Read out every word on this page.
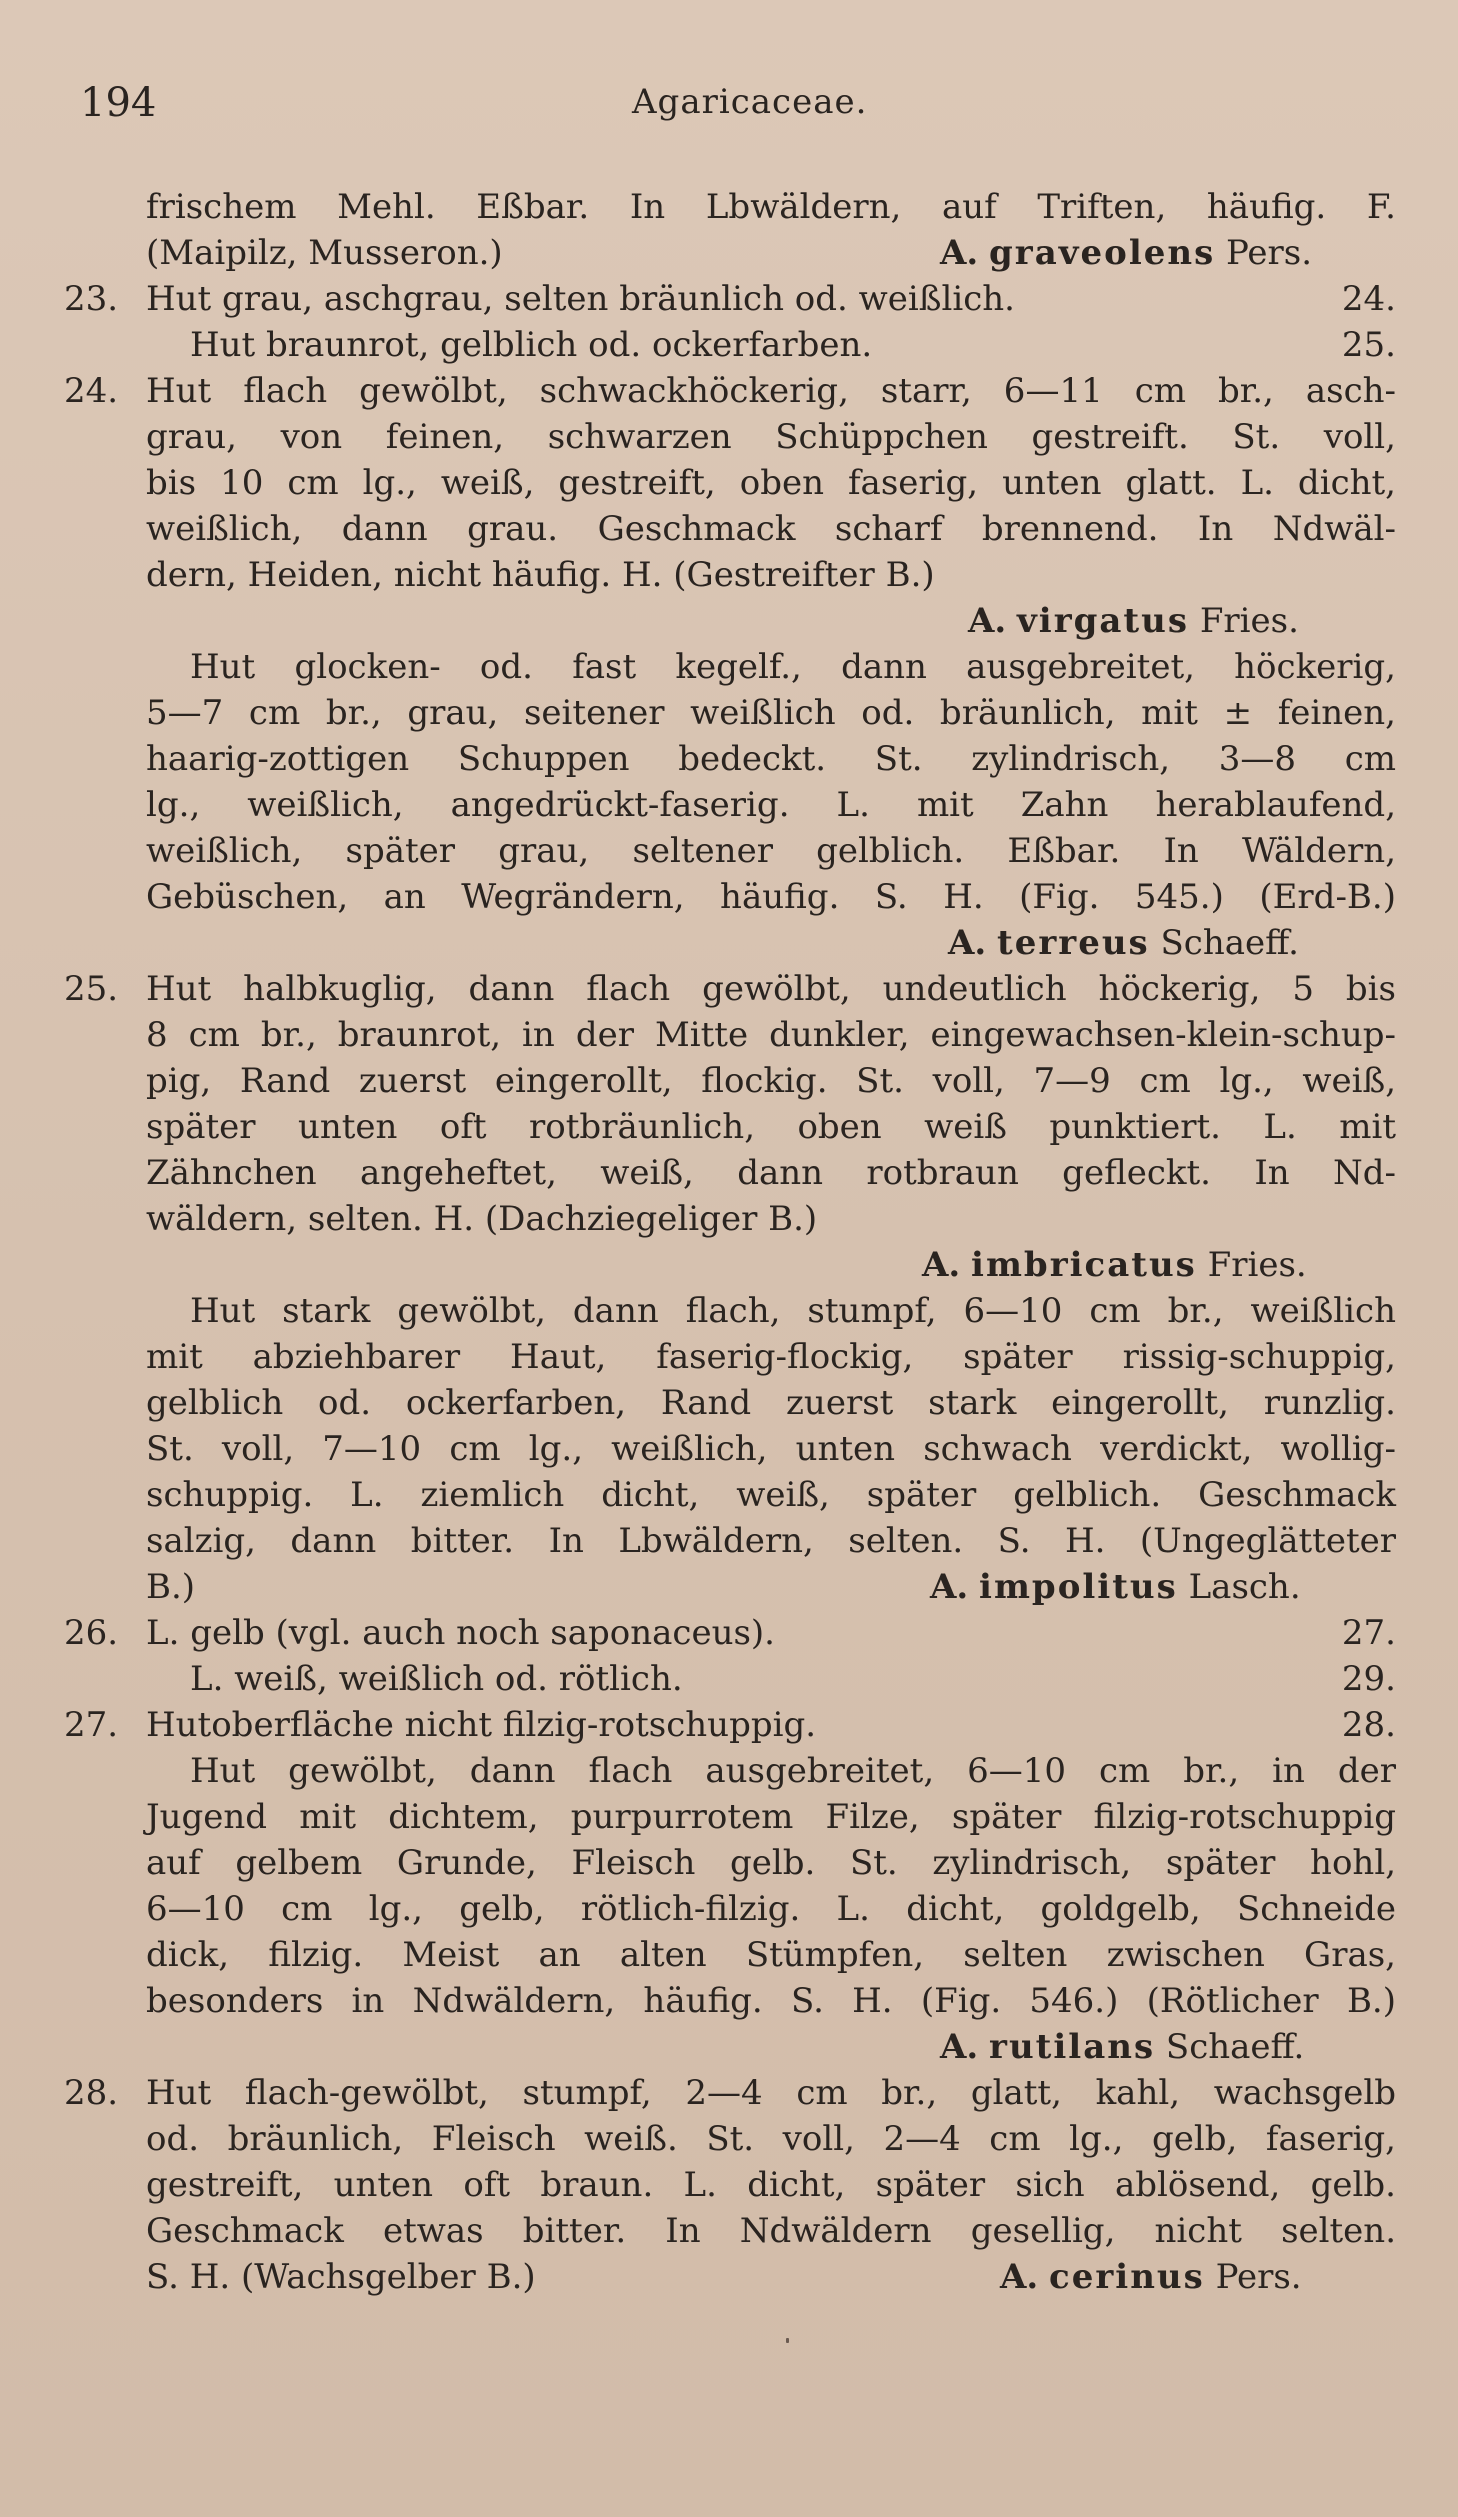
194	Agaricaceae.
frischem Mehl. Eßbar. In Lbwäldern, auf Triften, häufig. F.
(Maipilz, Musseron.)	A. graveolens Pers.
23. Hut grau, aschgrau, selten bräunlich od. weißlich.	24.
Hut braunrot, gelblich od. ockerfarben.	25.
24. Hut flach gewölbt, schwackhöckerig, starr, 6—11 cm br., asch-
grau, von feinen, schwarzen Schüppchen gestreift. St. voll,
bis 10 cm lg., weiß, gestreift, oben faserig, unten glatt. L. dicht,
weißlich, dann grau. Geschmack scharf brennend. In Ndwäl-
dern, Heiden, nicht häufig. H. (Gestreifter B.)
A. virgatus Fries.
Hut glocken- od. fast kegelf., dann ausgebreitet, höckerig,
5—7 cm br., grau, seitener weißlich od. bräunlich, mit ± feinen,
haarig-zottigen Schuppen bedeckt. St. zylindrisch, 3—8 cm
lg., weißlich, angedrückt-faserig. L. mit Zahn herablaufend,
weißlich, später grau, seltener gelblich. Eßbar. In Wäldern,
Gebüschen, an Wegrändern, häufig. S. H. (Fig. 545.) (Erd-B.)
A. terreus Schaeff.
25. Hut halbkuglig, dann flach gewölbt, undeutlich höckerig, 5 bis
8 cm br., braunrot, in der Mitte dunkler, eingewachsen-klein-schup-
pig, Rand zuerst eingerollt, flockig. St. voll, 7—9 cm lg., weiß,
später unten oft rotbräunlich, oben weiß punktiert. L. mit
Zähnchen angeheftet, weiß, dann rotbraun gefleckt. In Nd-
wäldern, selten. H. (Dachziegeliger B.)
A. imbricatus Fries.
Hut stark gewölbt, dann flach, stumpf, 6—10 cm br., weißlich
mit abziehbarer Haut, faserig-flockig, später rissig-schuppig,
gelblich od. ockerfarben, Rand zuerst stark eingerollt, runzlig.
St. voll, 7—10 cm lg., weißlich, unten schwach verdickt, wollig-
schuppig. L. ziemlich dicht, weiß, später gelblich. Geschmack
salzig, dann bitter. In Lbwäldern, selten. S. H. (Ungeglätteter
B.)	A. impolitus Lasch.
26. L. gelb (vgl. auch noch saponaceus).	27.
L. weiß, weißlich od. rötlich.	29.
27. Hutoberfläche nicht filzig-rotschuppig.	28.
Hut gewölbt, dann flach ausgebreitet, 6—10 cm br., in der
Jugend mit dichtem, purpurrotem Filze, später filzig-rotschuppig
auf gelbem Grunde, Fleisch gelb. St. zylindrisch, später hohl,
6—10 cm lg., gelb, rötlich-filzig. L. dicht, goldgelb, Schneide
dick, filzig. Meist an alten Stümpfen, selten zwischen Gras,
besonders in Ndwäldern, häufig. S. H. (Fig. 546.) (Rötlicher B.)
A. rutilans Schaeff.
28. Hut flach-gewölbt, stumpf, 2—4 cm br., glatt, kahl, wachsgelb
od. bräunlich, Fleisch weiß. St. voll, 2—4 cm lg., gelb, faserig,
gestreift, unten oft braun. L. dicht, später sich ablösend, gelb.
Geschmack etwas bitter. In Ndwäldern gesellig, nicht selten.
S. H. (Wachsgelber B.)	A. cerinus Pers.
